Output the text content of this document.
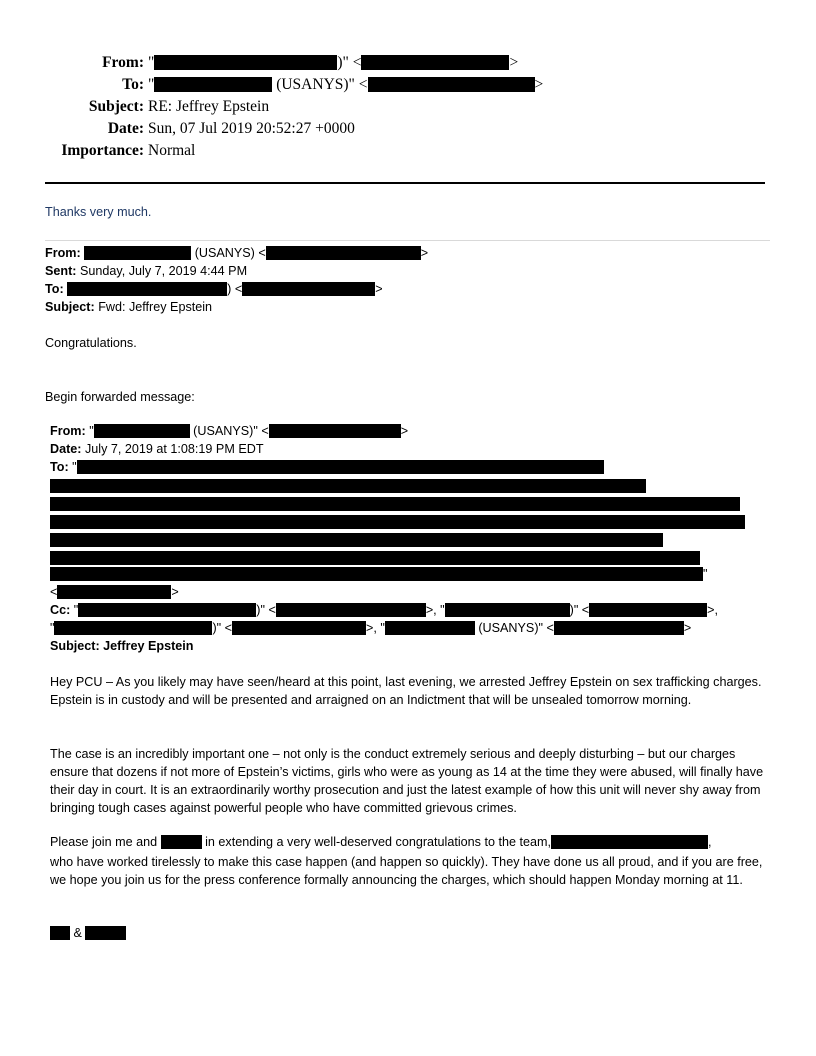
From: "	)" <	>
To: "	(USANYS)" <	>
Subject: RE: Jeffrey Epstein
Date: Sun, 07 Jul 2019 20:52:27 +0000
Importance: Normal
Thanks very much.
From:	(USANYS) <	>
Sent: Sunday, July 7, 2019 4:44 PM
To:	) <	>
Subject: Fwd: Jeffrey Epstein
Congratulations.
Begin forwarded message:
From: "	(USANYS)" <	>
Date: July 7, 2019 at 1:08:19 PM EDT
To: "
"
<	>
Cc: "	)" <	>, "	)" <	>,
"	)" <	>, "	(USANYS)" <	>
Subject: Jeffrey Epstein
Hey PCU – As you likely may have seen/heard at this point, last evening, we arrested Jeffrey Epstein on sex trafficking charges. Epstein is in custody and will be presented and arraigned on an Indictment that will be unsealed tomorrow morning.
The case is an incredibly important one – not only is the conduct extremely serious and deeply disturbing – but our charges ensure that dozens if not more of Epstein’s victims, girls who were as young as 14 at the time they were abused, will finally have their day in court. It is an extraordinarily worthy prosecution and just the latest example of how this unit will never shy away from bringing tough cases against powerful people who have committed grievous crimes.
Please join me and	in extending a very well-deserved congratulations to the team,	,
who have worked tirelessly to make this case happen (and happen so quickly). They have done us all proud, and if you are free, we hope you join us for the press conference formally announcing the charges, which should happen Monday morning at 11.
&
